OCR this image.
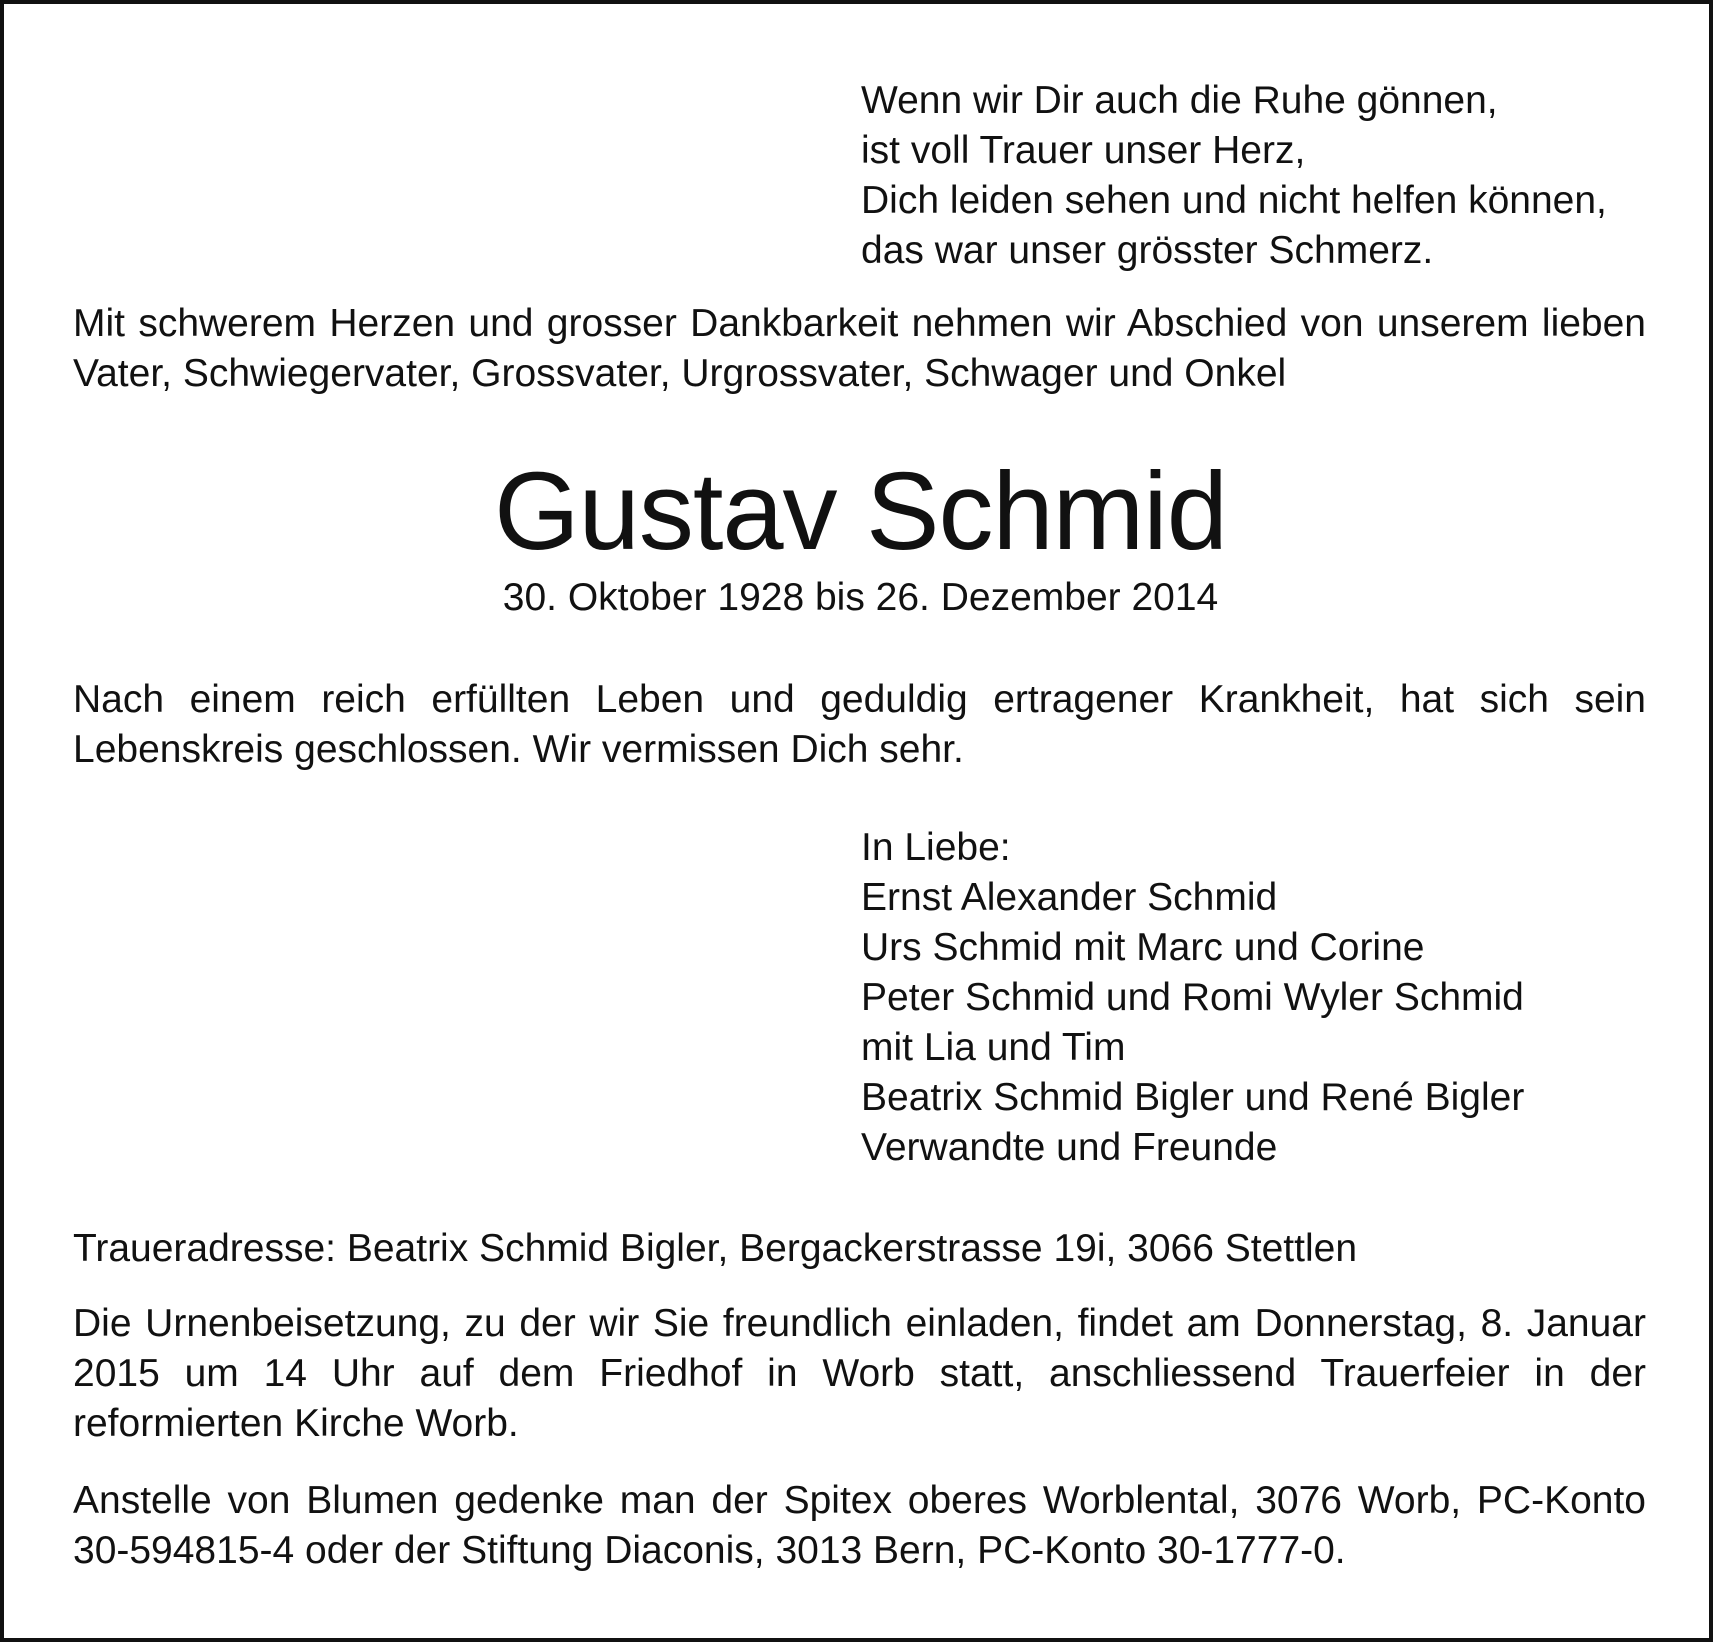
Wenn wir Dir auch die Ruhe gönnen,
ist voll Trauer unser Herz,
Dich leiden sehen und nicht helfen können,
das war unser grösster Schmerz.
Mit schwerem Herzen und grosser Dankbarkeit nehmen wir Abschied von unserem lieben Vater, Schwiegervater, Grossvater, Urgrossvater, Schwager und Onkel
Gustav Schmid
30. Oktober 1928 bis 26. Dezember 2014
Nach einem reich erfüllten Leben und geduldig ertragener Krankheit, hat sich sein Lebenskreis geschlossen. Wir vermissen Dich sehr.
In Liebe:
Ernst Alexander Schmid
Urs Schmid mit Marc und Corine
Peter Schmid und Romi Wyler Schmid
mit Lia und Tim
Beatrix Schmid Bigler und René Bigler
Verwandte und Freunde
Traueradresse: Beatrix Schmid Bigler, Bergackerstrasse 19i, 3066 Stettlen
Die Urnenbeisetzung, zu der wir Sie freundlich einladen, findet am Donnerstag, 8. Januar 2015 um 14 Uhr auf dem Friedhof in Worb statt, anschliessend Trauerfeier in der reformierten Kirche Worb.
Anstelle von Blumen gedenke man der Spitex oberes Worblental, 3076 Worb, PC-Konto 30-594815-4 oder der Stiftung Diaconis, 3013 Bern, PC-Konto 30-1777-0.
